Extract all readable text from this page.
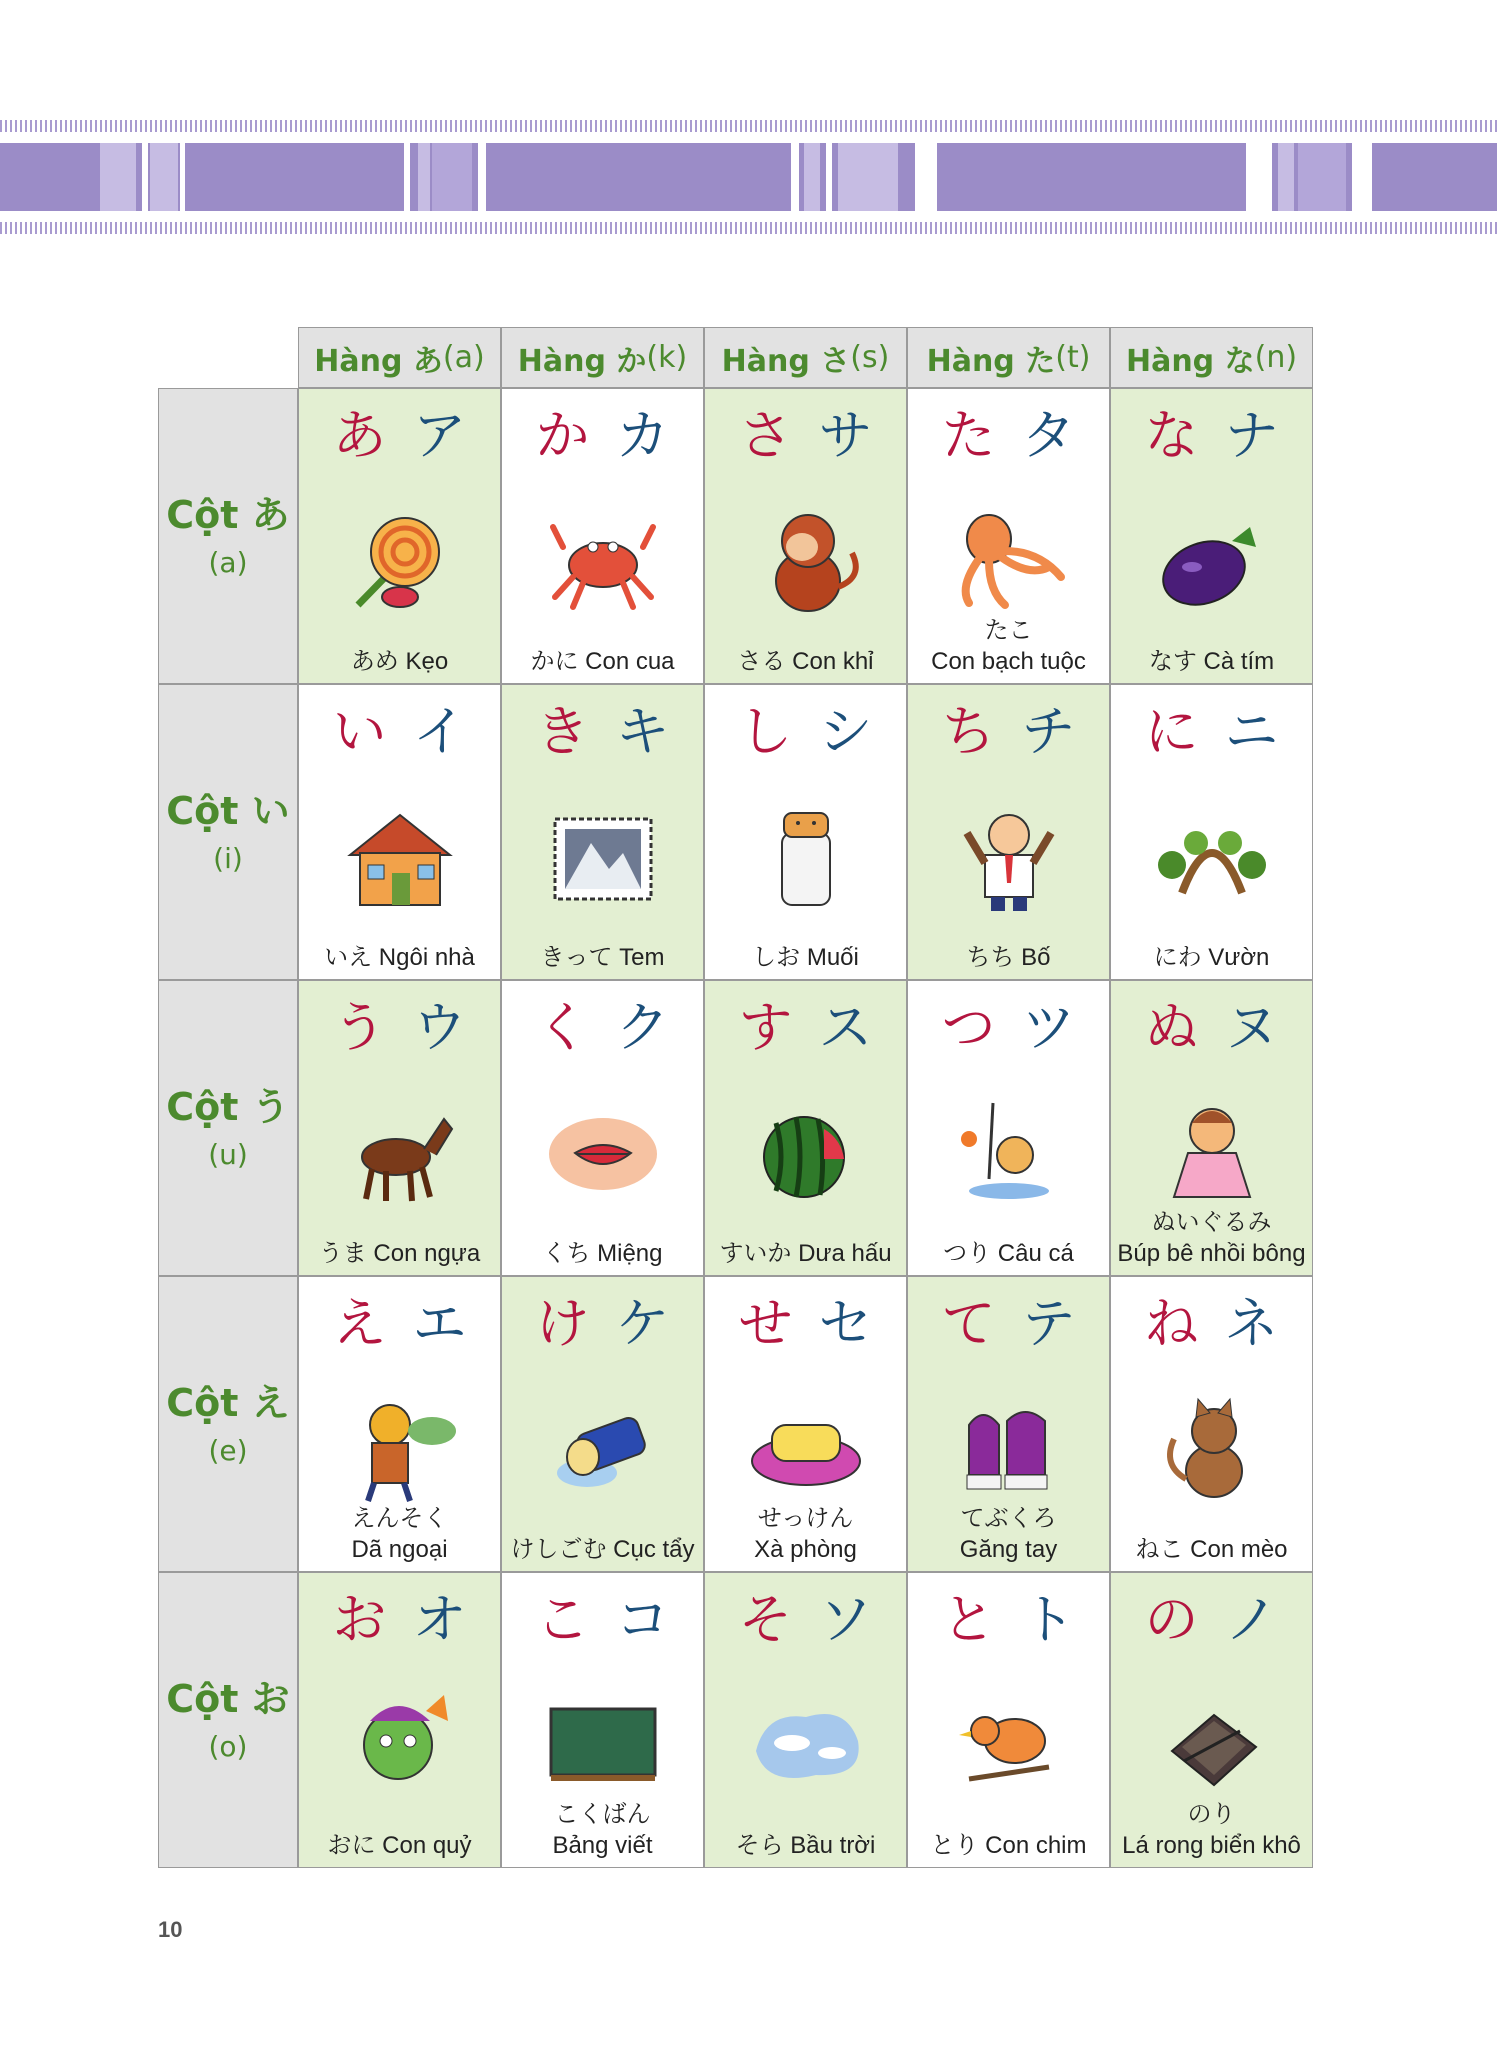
Hàng あ (a) Hàng か (k) Hàng さ (s) Hàng た (t) Hàng な (n)
Cột あ
(a)
あ ア
あめ Kẹo
か カ
かに Con cua
さ サ
さる Con khỉ
た タ
たこ
Con bạch tuộc
な ナ
なす Cà tím
Cột い
(i)
い イ
いえ Ngôi nhà
き キ
きって Tem
し シ
しお Muối
ち チ
ちち Bố
に ニ
にわ Vườn
Cột う
(u)
う ウ
うま Con ngựa
く ク
くち Miệng
す ス
すいか Dưa hấu
つ ツ
つり Câu cá
ぬ ヌ
ぬいぐるみ
Búp bê nhồi bông
Cột え
(e)
え エ
えんそく
Dã ngoại
け ケ
けしごむ Cục tẩy
せ セ
せっけん
Xà phòng
て テ
てぶくろ
Găng tay
ね ネ
ねこ Con mèo
Cột お
(o)
お オ
おに Con quỷ
こ コ
こくばん
Bảng viết
そ ソ
そら Bầu trời
と ト
とり Con chim
の ノ
のり
Lá rong biển khô
10
